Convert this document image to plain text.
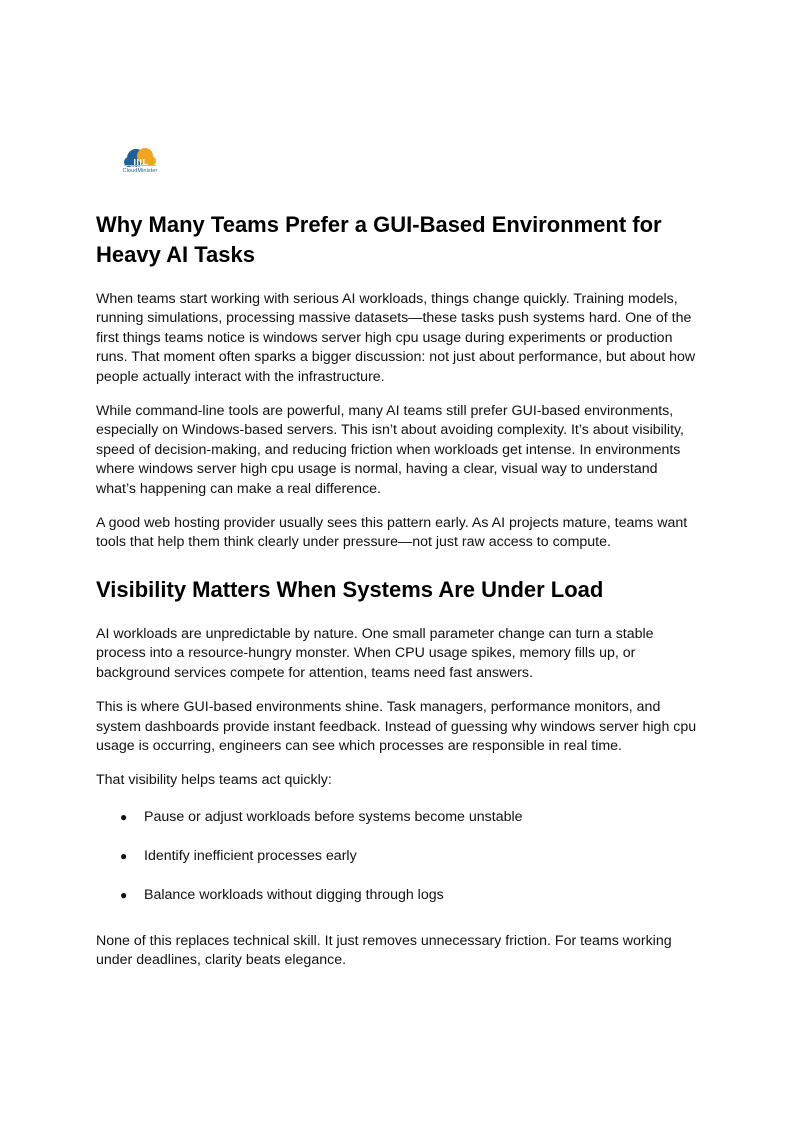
CloudMinister
Why Many Teams Prefer a GUI-Based Environment for Heavy AI Tasks

When teams start working with serious AI workloads, things change quickly. Training models, running simulations, processing massive datasets—these tasks push systems hard. One of the first things teams notice is windows server high cpu usage during experiments or production runs. That moment often sparks a bigger discussion: not just about performance, but about how people actually interact with the infrastructure.

While command-line tools are powerful, many AI teams still prefer GUI-based environments, especially on Windows-based servers. This isn’t about avoiding complexity. It’s about visibility, speed of decision-making, and reducing friction when workloads get intense. In environments where windows server high cpu usage is normal, having a clear, visual way to understand what’s happening can make a real difference.

A good web hosting provider usually sees this pattern early. As AI projects mature, teams want tools that help them think clearly under pressure—not just raw access to compute.

Visibility Matters When Systems Are Under Load

AI workloads are unpredictable by nature. One small parameter change can turn a stable process into a resource-hungry monster. When CPU usage spikes, memory fills up, or background services compete for attention, teams need fast answers.

This is where GUI-based environments shine. Task managers, performance monitors, and system dashboards provide instant feedback. Instead of guessing why windows server high cpu usage is occurring, engineers can see which processes are responsible in real time.

That visibility helps teams act quickly:

● Pause or adjust workloads before systems become unstable
● Identify inefficient processes early
● Balance workloads without digging through logs

None of this replaces technical skill. It just removes unnecessary friction. For teams working under deadlines, clarity beats elegance.
